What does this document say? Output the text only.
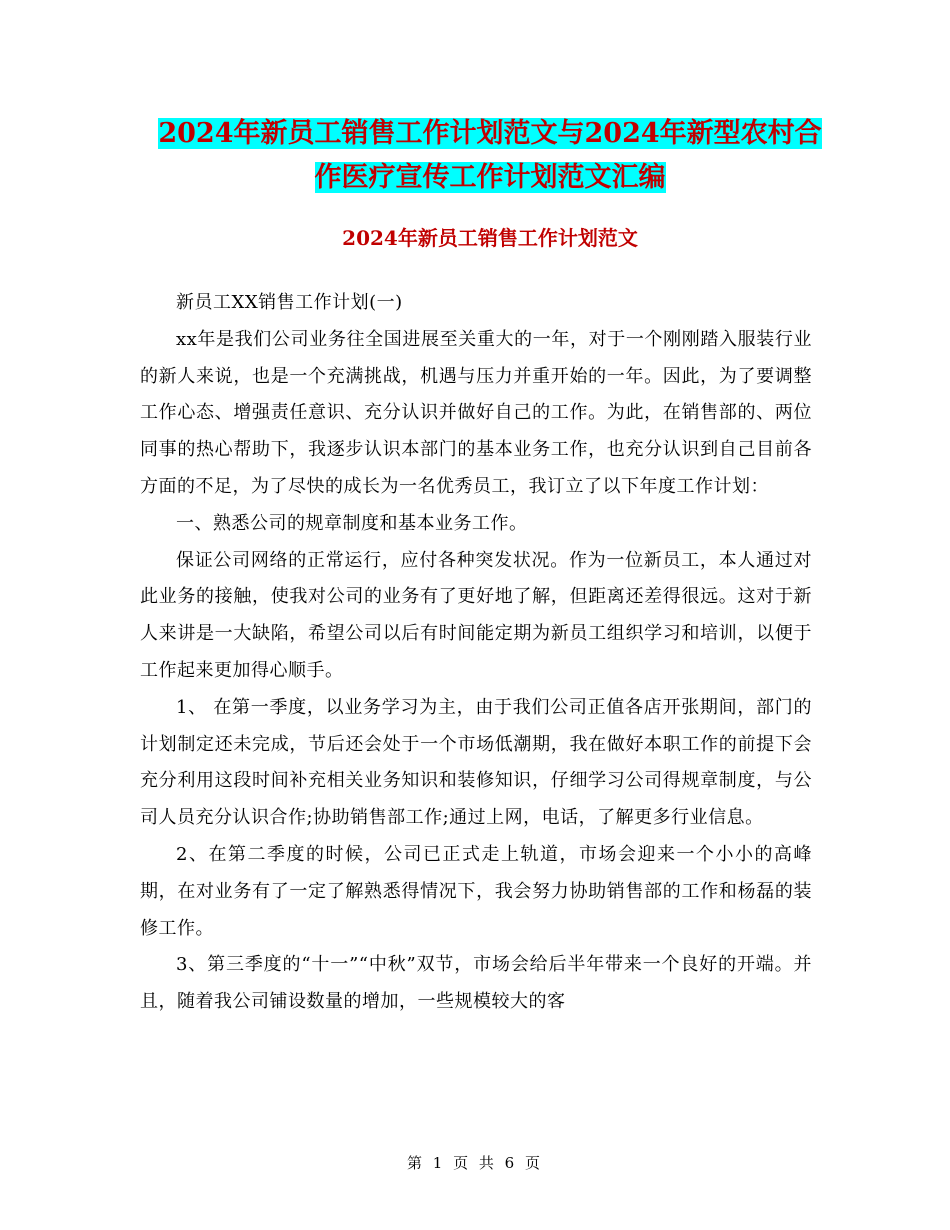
2024年新员工销售工作计划范文与2024年新型农村合
作医疗宣传工作计划范文汇编
2024年新员工销售工作计划范文

新员工XX销售工作计划(一)

xx年是我们公司业务往全国进展至关重大的一年，对于一个刚刚踏入服装行业的新人来说，也是一个充满挑战，机遇与压力并重开始的一年。因此，为了要调整工作心态、增强责任意识、充分认识并做好自己的工作。为此，在销售部的、两位同事的热心帮助下，我逐步认识本部门的基本业务工作，也充分认识到自己目前各方面的不足，为了尽快的成长为一名优秀员工，我订立了以下年度工作计划：

一、熟悉公司的规章制度和基本业务工作。

保证公司网络的正常运行，应付各种突发状况。作为一位新员工，本人通过对此业务的接触，使我对公司的业务有了更好地了解，但距离还差得很远。这对于新人来讲是一大缺陷，希望公司以后有时间能定期为新员工组织学习和培训，以便于工作起来更加得心顺手。

1、 在第一季度，以业务学习为主，由于我们公司正值各店开张期间，部门的计划制定还未完成，节后还会处于一个市场低潮期，我在做好本职工作的前提下会充分利用这段时间补充相关业务知识和装修知识，仔细学习公司得规章制度，与公司人员充分认识合作;协助销售部工作;通过上网，电话，了解更多行业信息。

2、在第二季度的时候，公司已正式走上轨道，市场会迎来一个小小的高峰期，在对业务有了一定了解熟悉得情况下，我会努力协助销售部的工作和杨磊的装修工作。

3、第三季度的“十一”“中秋”双节，市场会给后半年带来一个良好的开端。并且，随着我公司铺设数量的增加，一些规模较大的客

第 1 页 共 6 页
